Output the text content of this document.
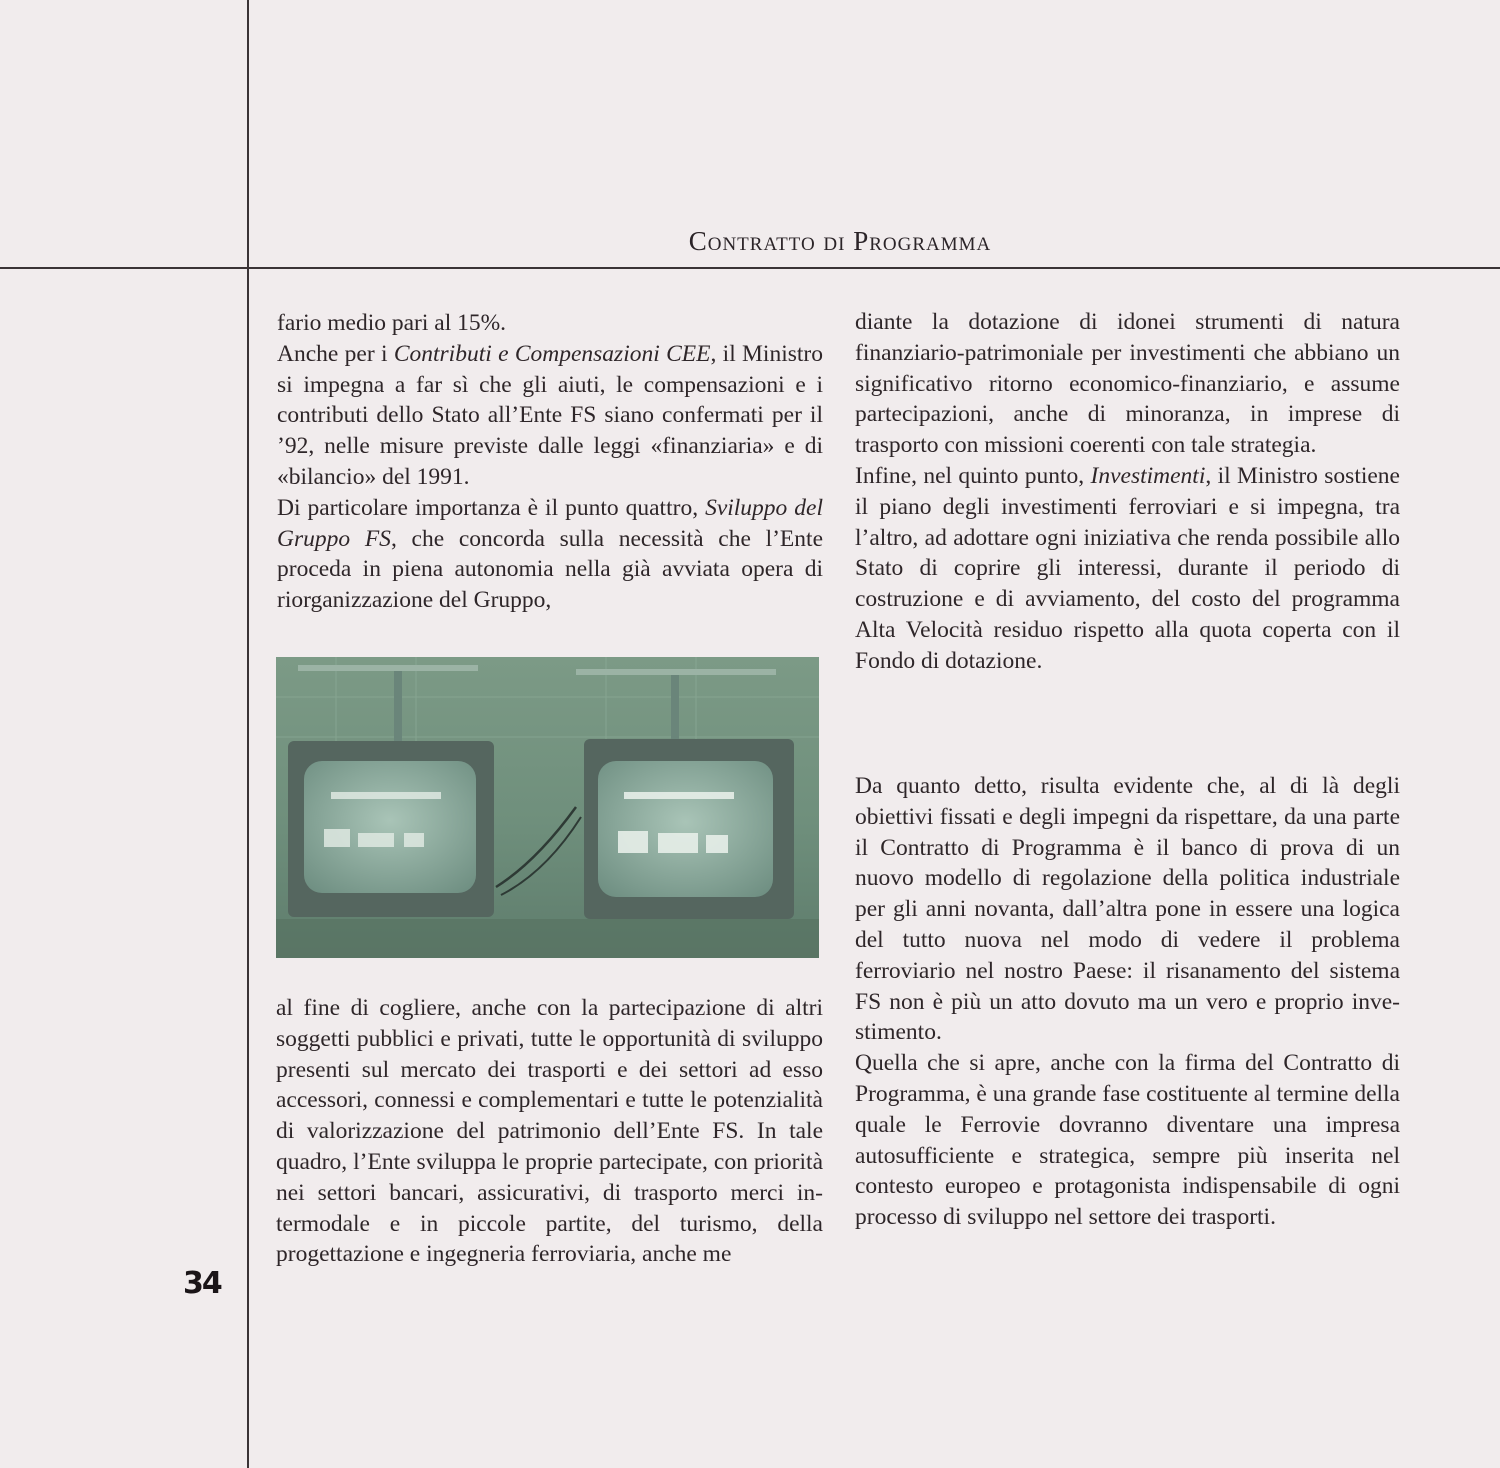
Contratto di Programma

fario medio pari al 15%.

Anche per i Contributi e Compensazioni CEE, il Ministro si impegna a far sì che gli aiuti, le compensazioni e i contributi dello Stato all’Ente FS siano confermati per il ’92, nelle misure previste dalle leggi «finanziaria» e di «bilancio» del 1991.

Di particolare importanza è il punto quattro, Sviluppo del Gruppo FS, che concorda sulla necessità che l’Ente proceda in piena autonomia nella già avviata opera di riorganizzazione del Gruppo,

al fine di cogliere, anche con la partecipazione di altri soggetti pubblici e privati, tutte le opportunità di sviluppo presenti sul mercato dei trasporti e dei settori ad esso accessori, connessi e complementari e tutte le potenzialità di valorizzazione del patrimonio dell’Ente FS. In tale quadro, l’Ente sviluppa le proprie partecipate, con priorità nei settori bancari, assicurativi, di trasporto merci intermodale e in piccole partite, del turismo, della progettazione e ingegneria ferroviaria, anche me

diante la dotazione di idonei strumenti di natura finanziario-patrimoniale per investimenti che abbiano un significativo ritorno economico-finanziario, e assume partecipazioni, anche di minoranza, in imprese di trasporto con missioni coerenti con tale strategia.

Infine, nel quinto punto, Investimenti, il Ministro sostiene il piano degli investimenti ferroviari e si impegna, tra l’altro, ad adottare ogni iniziativa che renda possibile allo Stato di coprire gli interessi, durante il periodo di costruzione e di avviamento, del costo del programma Alta Velocità residuo rispetto alla quota coperta con il Fondo di dotazione.

Da quanto detto, risulta evidente che, al di là degli obiettivi fissati e degli impegni da rispettare, da una parte il Contratto di Programma è il banco di prova di un nuovo modello di regolazione della politica industriale per gli anni novanta, dall’altra pone in essere una logica del tutto nuova nel modo di vedere il problema ferroviario nel nostro Paese: il risanamento del sistema FS non è più un atto dovuto ma un vero e proprio investimento.

Quella che si apre, anche con la firma del Contratto di Programma, è una grande fase costituente al termine della quale le Ferrovie dovranno diventare una impresa autosufficiente e strategica, sempre più inserita nel contesto europeo e protagonista indispensabile di ogni processo di sviluppo nel settore dei trasporti.

34
